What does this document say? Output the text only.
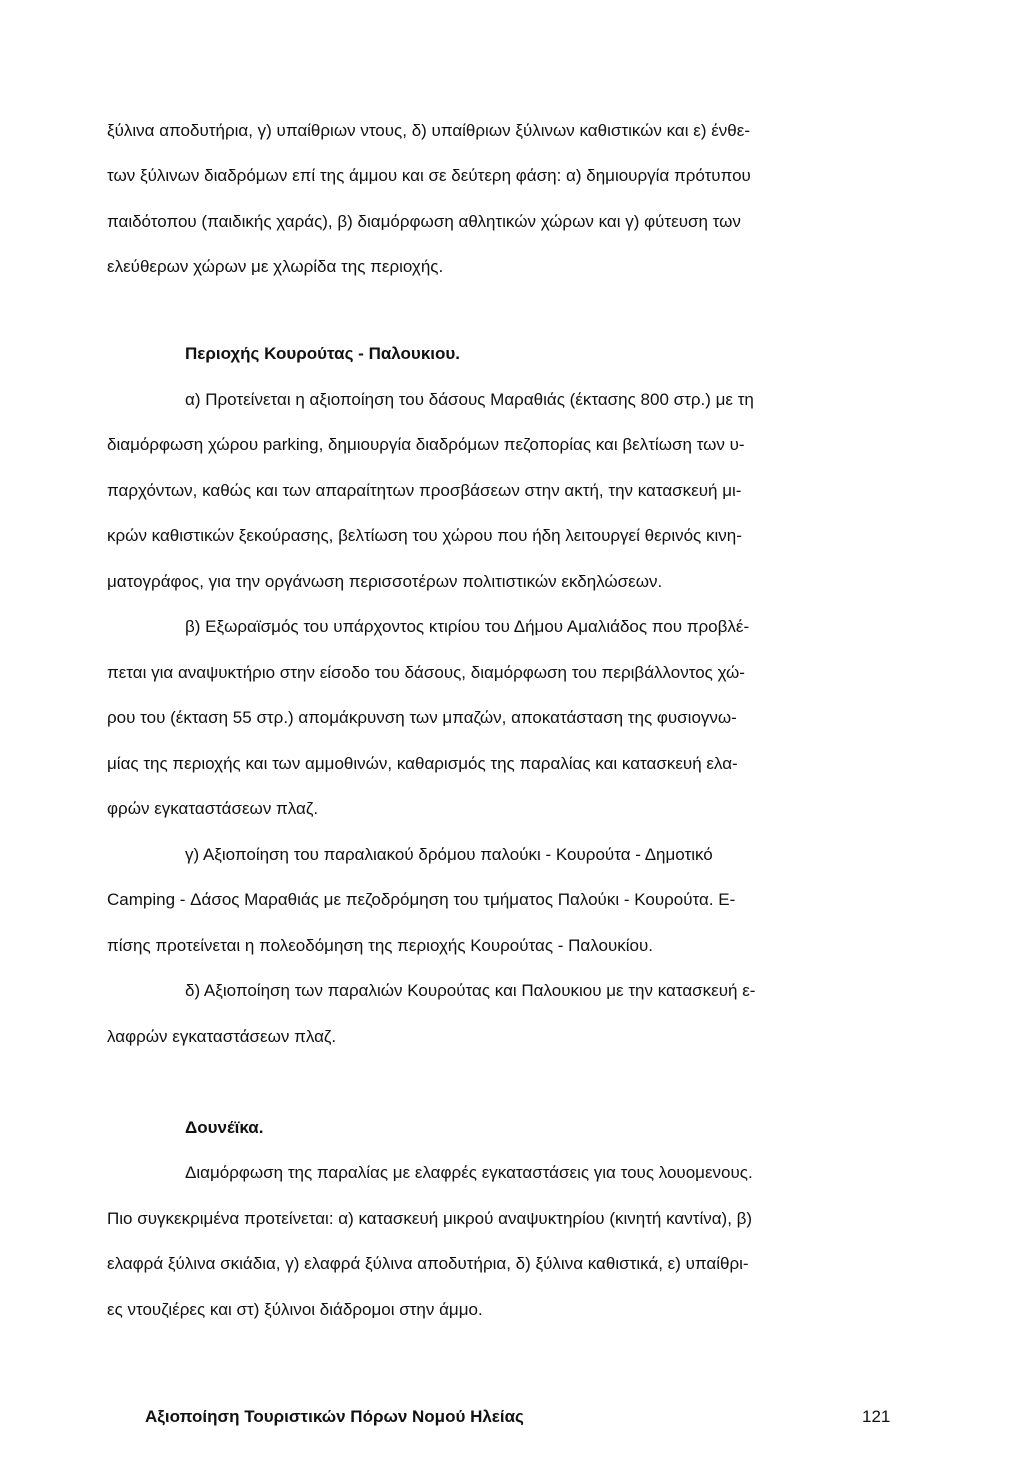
ξύλινα αποδυτήρια, γ) υπαίθριων ντους, δ) υπαίθριων ξύλινων καθιστικών και ε) ένθε-
των ξύλινων διαδρόμων επί της άμμου και σε δεύτερη φάση: α) δημιουργία πρότυπου
παιδότοπου (παιδικής χαράς), β) διαμόρφωση αθλητικών χώρων και γ) φύτευση των
ελεύθερων χώρων με χλωρίδα της περιοχής.
Περιοχής Κουρούτας - Παλουκιου.
α) Προτείνεται η αξιοποίηση του δάσους Μαραθιάς (έκτασης 800 στρ.) με τη
διαμόρφωση χώρου parking, δημιουργία διαδρόμων πεζοπορίας και βελτίωση των υ-
παρχόντων, καθώς και των απαραίτητων προσβάσεων στην ακτή, την κατασκευή μι-
κρών καθιστικών ξεκούρασης, βελτίωση του χώρου που ήδη λειτουργεί θερινός κινη-
ματογράφος, για την οργάνωση περισσοτέρων πολιτιστικών εκδηλώσεων.
β) Εξωραϊσμός του υπάρχοντος κτιρίου του Δήμου Αμαλιάδος που προβλέ-
πεται για αναψυκτήριο στην είσοδο του δάσους, διαμόρφωση του περιβάλλοντος χώ-
ρου του (έκταση 55 στρ.) απομάκρυνση των μπαζών, αποκατάσταση της φυσιογνω-
μίας της περιοχής και των αμμοθινών, καθαρισμός της παραλίας και κατασκευή ελα-
φρών εγκαταστάσεων πλαζ.
γ) Αξιοποίηση του παραλιακού δρόμου παλούκι - Κουρούτα - Δημοτικό
Camping - Δάσος Μαραθιάς με πεζοδρόμηση του τμήματος Παλούκι - Κουρούτα. Ε-
πίσης προτείνεται η πολεοδόμηση της περιοχής Κουρούτας - Παλουκίου.
δ) Αξιοποίηση των παραλιών Κουρούτας και Παλουκιου με την κατασκευή ε-
λαφρών εγκαταστάσεων πλαζ.
Δουνέϊκα.
Διαμόρφωση της παραλίας με ελαφρές εγκαταστάσεις για τους λουομενους.
Πιο συγκεκριμένα προτείνεται: α) κατασκευή μικρού αναψυκτηρίου (κινητή καντίνα), β)
ελαφρά ξύλινα σκιάδια, γ) ελαφρά ξύλινα αποδυτήρια, δ) ξύλινα καθιστικά, ε) υπαίθρι-
ες ντουζιέρες και στ) ξύλινοι διάδρομοι στην άμμο.
Αξιοποίηση Τουριστικών Πόρων Νομού Ηλείας	121
